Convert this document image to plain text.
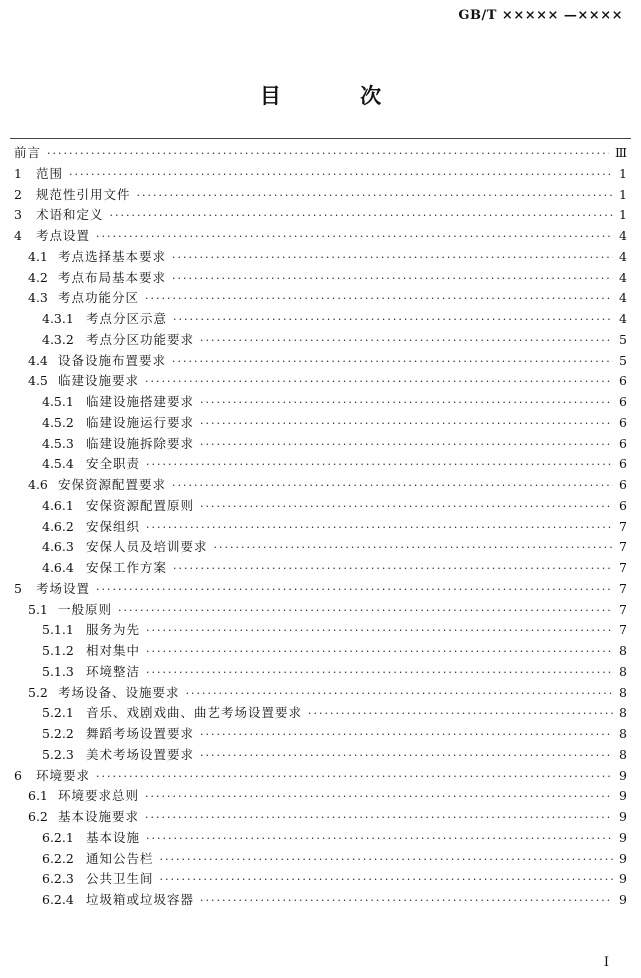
GB/T ××××× —××××
目 次
前言 ·····	Ⅲ
1	范围 ·····	1
2	规范性引用文件 ·····	1
3	术语和定义 ·····	1
4	考点设置 ·····	4
4.1 考点选择基本要求 ·····	4
4.2 考点布局基本要求 ·····	4
4.3 考点功能分区 ·····	4
4.3.1 考点分区示意 ·····	4
4.3.2 考点分区功能要求 ·····	5
4.4 设备设施布置要求 ·····	5
4.5 临建设施要求 ·····	6
4.5.1 临建设施搭建要求 ·····	6
4.5.2 临建设施运行要求 ·····	6
4.5.3 临建设施拆除要求 ·····	6
4.5.4 安全职责 ·····	6
4.6 安保资源配置要求 ·····	6
4.6.1 安保资源配置原则 ·····	6
4.6.2 安保组织 ·····	7
4.6.3 安保人员及培训要求 ·····	7
4.6.4 安保工作方案 ·····	7
5	考场设置 ·····	7
5.1 一般原则 ·····	7
5.1.1 服务为先 ·····	7
5.1.2 相对集中 ·····	8
5.1.3 环境整洁 ·····	8
5.2 考场设备、设施要求 ·····	8
5.2.1 音乐、戏剧戏曲、曲艺考场设置要求 ·····	8
5.2.2 舞蹈考场设置要求 ·····	8
5.2.3 美术考场设置要求 ·····	8
6	环境要求 ·····	9
6.1 环境要求总则 ·····	9
6.2 基本设施要求 ·····	9
6.2.1 基本设施 ·····	9
6.2.2 通知公告栏 ·····	9
6.2.3 公共卫生间 ·····	9
6.2.4 垃圾箱或垃圾容器 ·····	9
I
